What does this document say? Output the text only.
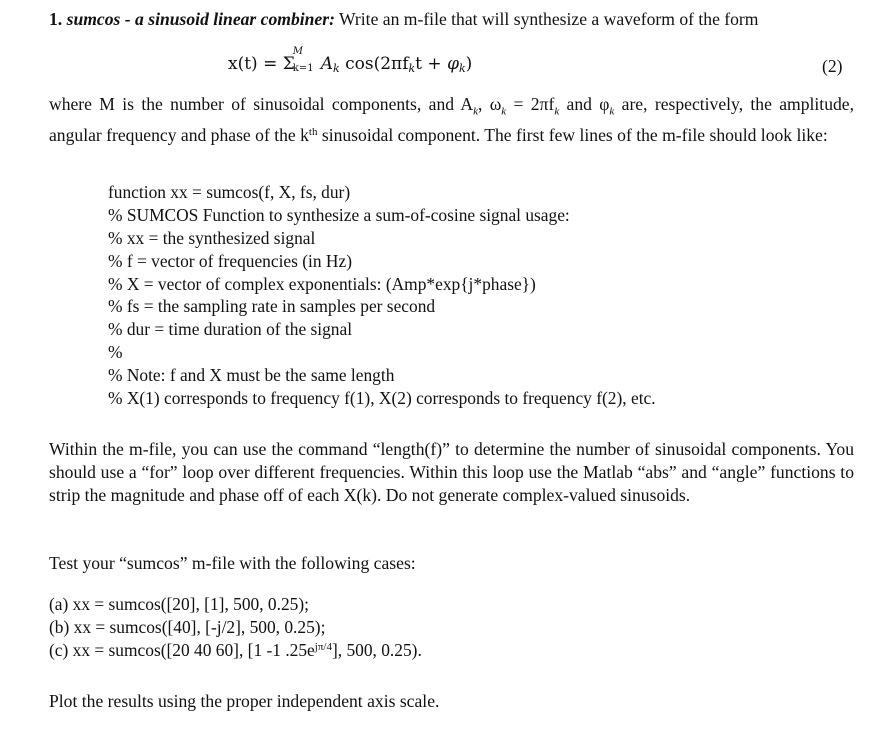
1. sumcos - a sinusoid linear combiner: Write an m-file that will synthesize a waveform of the form

x(t) = Σ
M
k=1 $A_k$ $\cos(2\pi f_kt + \varphi_k)$	(2)

where M is the number of sinusoidal components, and $A_k$, $\omega_k = 2\pi f_k$ and $\varphi_k$ are, respectively, the amplitude, angular frequency and phase of the $k^{th}$ sinusoidal component. The first few lines of the m-file should look like:

function xx = sumcos(f, X, fs, dur)
% SUMCOS Function to synthesize a sum-of-cosine signal usage:
% xx = the synthesized signal
% f = vector of frequencies (in Hz)
% X = vector of complex exponentials: (Amp*exp{j*phase})
% fs = the sampling rate in samples per second
% dur = time duration of the signal
%
% Note: f and X must be the same length
% X(1) corresponds to frequency f(1), X(2) corresponds to frequency f(2), etc.

Within the m-file, you can use the command “length(f)” to determine the number of sinusoidal components. You should use a “for” loop over different frequencies. Within this loop use the Matlab “abs” and “angle” functions to strip the magnitude and phase off of each X(k). Do not generate complex-valued sinusoids.

Test your “sumcos” m-file with the following cases:

(a) xx = sumcos([20], [1], 500, 0.25);
(b) xx = sumcos([40], [-j/2], 500, 0.25);
(c) xx = sumcos([20 40 60], [1 -1 $.25e^{j\pi/4}$], 500, 0.25).

Plot the results using the proper independent axis scale.
